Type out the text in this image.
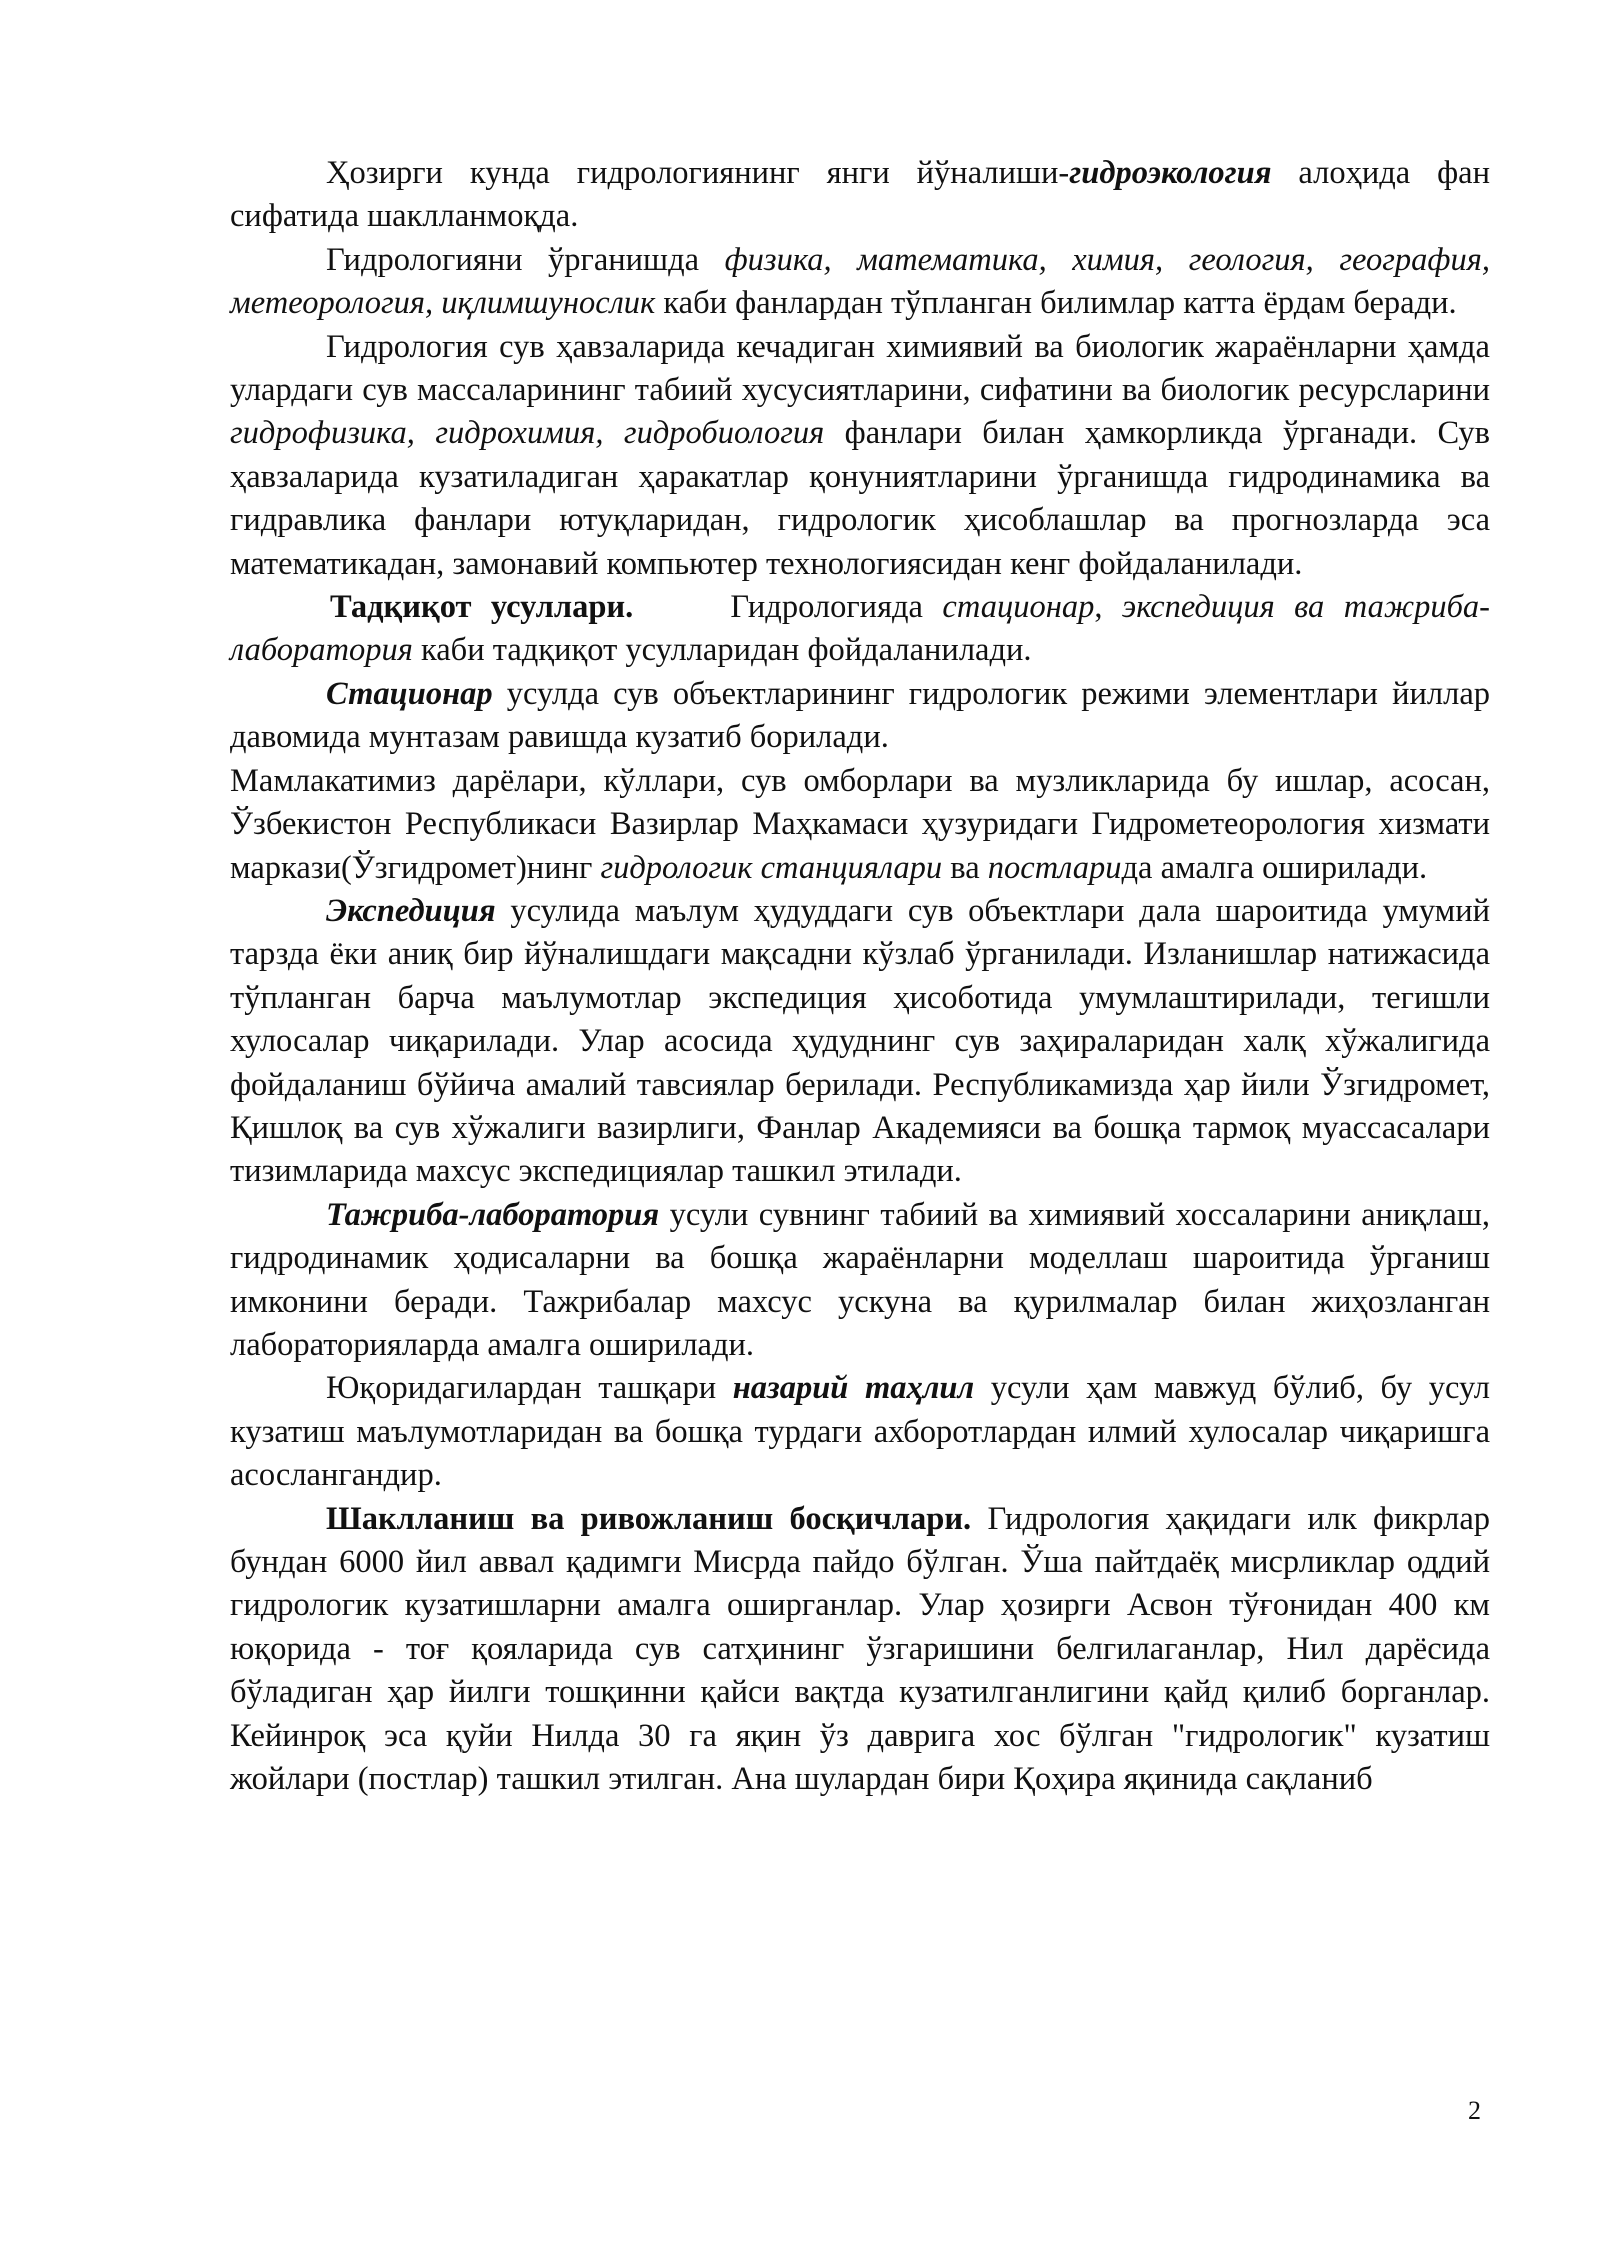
Ҳозирги кунда гидрологиянинг янги йўналиши-гидроэкология алоҳида фан сифатида шаклланмоқда.

Гидрологияни ўрганишда физика, математика, химия, геология, география, метеорология, иқлимшунослик каби фанлардан тўпланган билимлар катта ёрдам беради.

Гидрология сув ҳавзаларида кечадиган химиявий ва биологик жараёнларни ҳамда улардаги сув массаларининг табиий хусусиятларини, сифатини ва биологик ресурсларини гидрофизика, гидрохимия, гидробиология фанлари билан ҳамкорликда ўрганади. Сув ҳавзаларида кузатиладиган ҳаракатлар қонуниятларини ўрганишда гидродинамика ва гидравлика фанлари ютуқларидан, гидрологик ҳисоблашлар ва прогнозларда эса математикадан, замонавий компьютер технологиясидан кенг фойдаланилади.

Тадқиқот усуллари.     Гидрологияда стационар, экспедиция ва тажриба-лаборатория каби тадқиқот усулларидан фойдаланилади.

Стационар усулда сув объектларининг гидрологик режими элементлари йиллар давомида мунтазам равишда кузатиб борилади.

Мамлакатимиз дарёлари, кўллари, сув омборлари ва музликларида бу ишлар, асосан, Ўзбекистон Республикаси Вазирлар Маҳкамаси ҳузуридаги Гидрометеорология хизмати маркази(Ўзгидромет)нинг гидрологик станциялари ва постларида амалга оширилади.

Экспедиция усулида маълум ҳудуддаги сув объектлари дала шароитида умумий тарзда ёки аниқ бир йўналишдаги мақсадни кўзлаб ўрганилади. Изланишлар натижасида тўпланган барча маълумотлар экспедиция ҳисоботида умумлаштирилади, тегишли хулосалар чиқарилади. Улар асосида ҳудуднинг сув заҳираларидан халқ хўжалигида фойдаланиш бўйича амалий тавсиялар берилади. Республикамизда ҳар йили Ўзгидромет, Қишлоқ ва сув хўжалиги вазирлиги, Фанлар Академияси ва бошқа тармоқ муассасалари тизимларида махсус экспедициялар ташкил этилади.

Тажриба-лаборатория усули сувнинг табиий ва химиявий хоссаларини аниқлаш, гидродинамик ҳодисаларни ва бошқа жараёнларни моделлаш шароитида ўрганиш имконини беради. Тажрибалар махсус ускуна ва қурилмалар билан жиҳозланган лабораторияларда амалга оширилади.

Юқоридагилардан ташқари назарий таҳлил усули ҳам мавжуд бўлиб, бу усул кузатиш маълумотларидан ва бошқа турдаги ахборотлардан илмий хулосалар чиқаришга асослангандир.

Шаклланиш ва ривожланиш босқичлари. Гидрология ҳақидаги илк фикрлар бундан 6000 йил аввал қадимги Мисрда пайдо бўлган. Ўша пайтдаёқ мисрликлар оддий гидрологик кузатишларни амалга оширганлар. Улар ҳозирги Асвон тўғонидан 400 км юқорида - тоғ қояларида сув сатҳининг ўзгаришини белгилаганлар, Нил дарёсида бўладиган ҳар йилги тошқинни қайси вақтда кузатилганлигини қайд қилиб борганлар. Кейинроқ эса қуйи Нилда 30 га яқин ўз даврига хос бўлган "гидрологик" кузатиш жойлари (постлар) ташкил этилган. Ана шулардан бири Қоҳира яқинида сақланиб

2
